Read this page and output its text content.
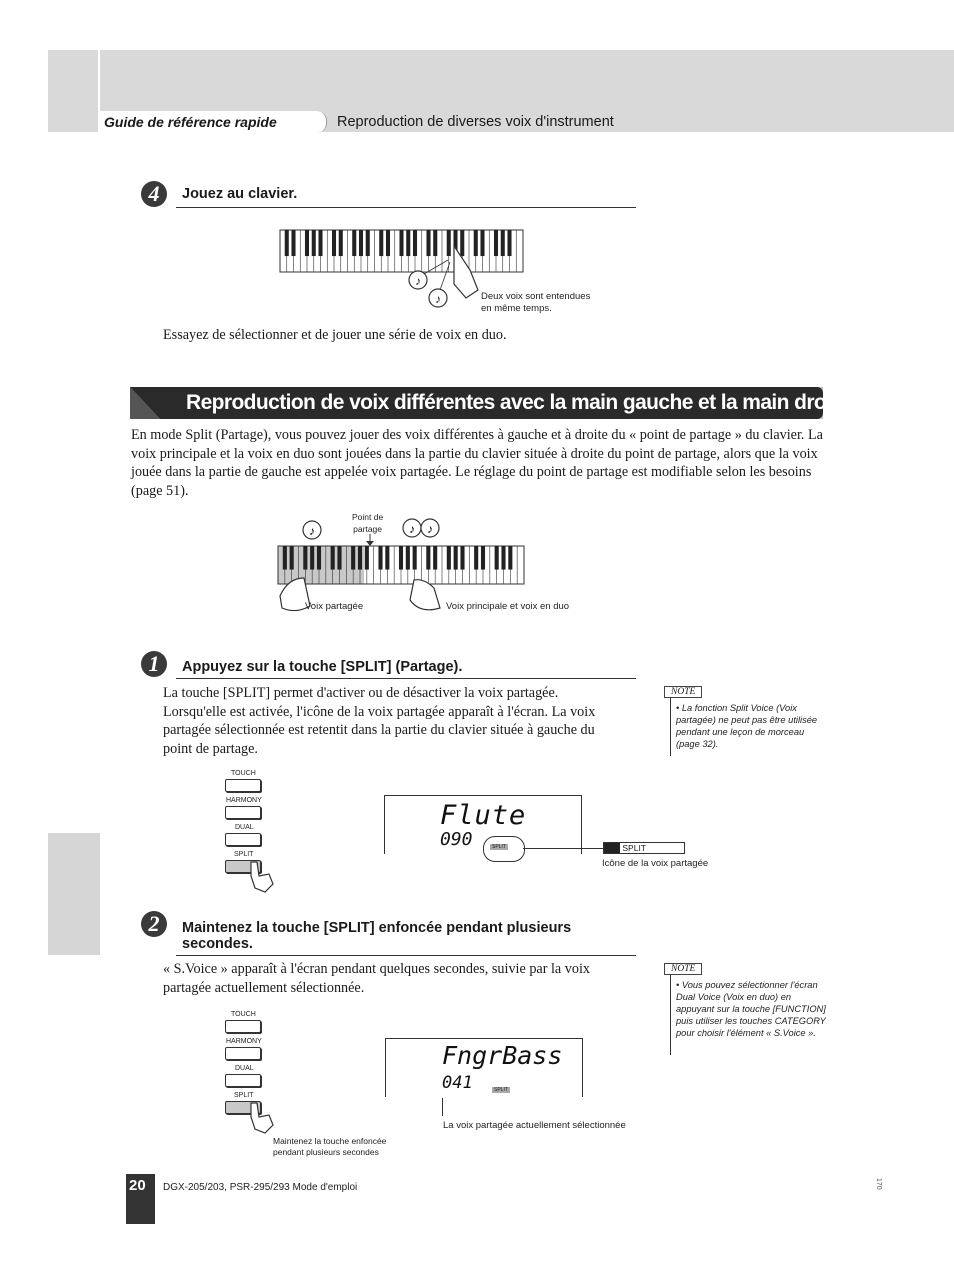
Guide de référence rapide	Reproduction de diverses voix d'instrument
4 Jouez au clavier.
♪
♪	Deux voix sont entendues
en même temps.
Essayez de sélectionner et de jouer une série de voix en duo.
Reproduction de voix différentes avec la main gauche et la main droite – SPLIT
En mode Split (Partage), vous pouvez jouer des voix différentes à gauche et à droite du « point de partage » du clavier. La voix principale et la voix en duo sont jouées dans la partie du clavier située à droite du point de partage, alors que la voix jouée dans la partie de gauche est appelée voix partagée. Le réglage du point de partage est modifiable selon les besoins (page 51).
♪	♪ ♪
Point de
partage
Voix partagée	Voix principale et voix en duo
1 Appuyez sur la touche [SPLIT] (Partage).
La touche [SPLIT] permet d'activer ou de désactiver la voix partagée. Lorsqu'elle est activée, l'icône de la voix partagée apparaît à l'écran. La voix partagée sélectionnée est retentit dans la partie du clavier située à gauche du point de partage.
NOTE
• La fonction Split Voice (Voix partagée) ne peut pas être utilisée pendant une leçon de morceau (page 32).
TOUCH
HARMONY
DUAL
SPLIT
Flute
090	SPLIT	SPLIT
Icône de la voix partagée
2 Maintenez la touche [SPLIT] enfoncée pendant plusieurs
secondes.
« S.Voice » apparaît à l'écran pendant quelques secondes, suivie par la voix partagée actuellement sélectionnée.
NOTE
• Vous pouvez sélectionner l'écran Dual Voice (Voix en duo) en appuyant sur la touche [FUNCTION] puis utiliser les touches CATEGORY pour choisir l'élément « S.Voice ».
TOUCH
HARMONY
DUAL
SPLIT
Maintenez la touche enfoncée
pendant plusieurs secondes
FngrBass
041	SPLIT
La voix partagée actuellement sélectionnée
20 DGX-205/203, PSR-295/293 Mode d'emploi	170
